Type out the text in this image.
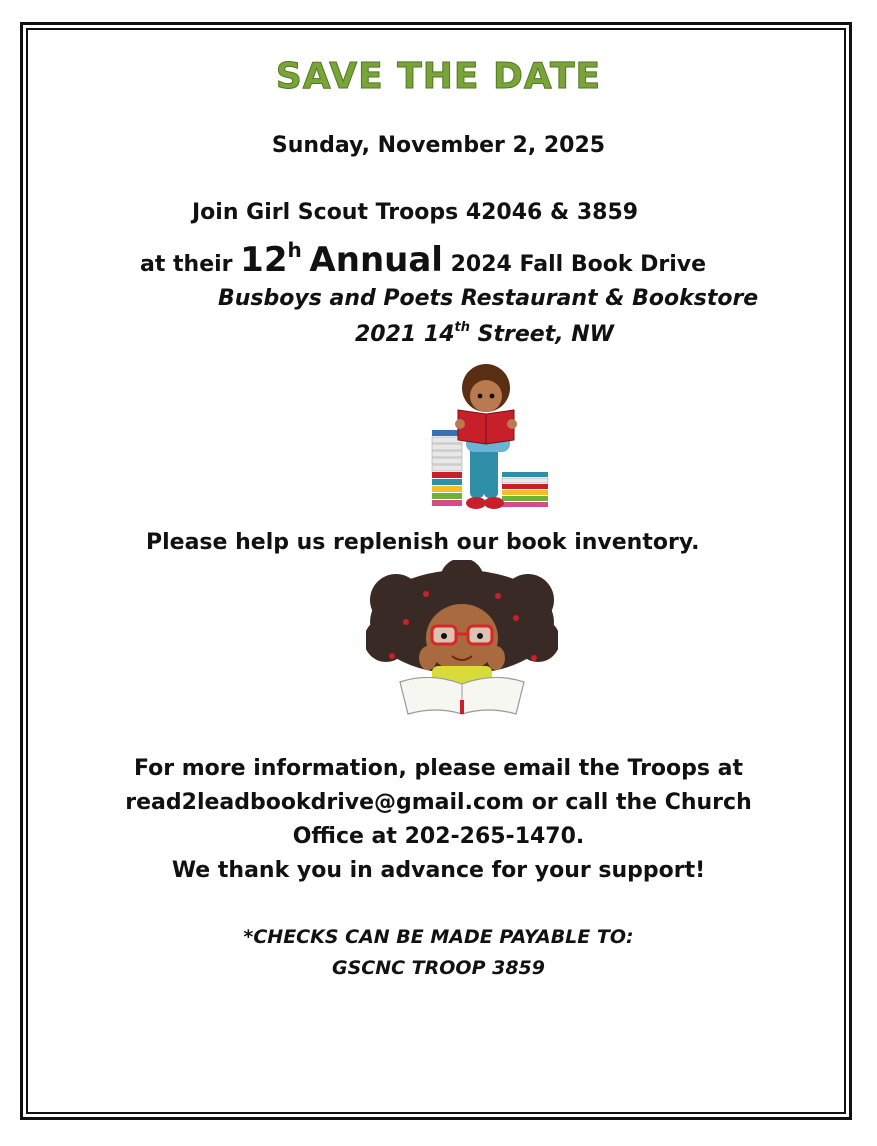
SAVE THE DATE
Sunday, November 2, 2025
Join Girl Scout Troops 42046 & 3859
at their 12$^h$ Annual 2024 Fall Book Drive
Busboys and Poets Restaurant & Bookstore
2021 14th Street, NW
Please help us replenish our book inventory.
For more information, please email the Troops at
read2leadbookdrive@gmail.com or call the Church
Office at 202-265-1470.
We thank you in advance for your support!
*CHECKS CAN BE MADE PAYABLE TO:
GSCNC TROOP 3859
